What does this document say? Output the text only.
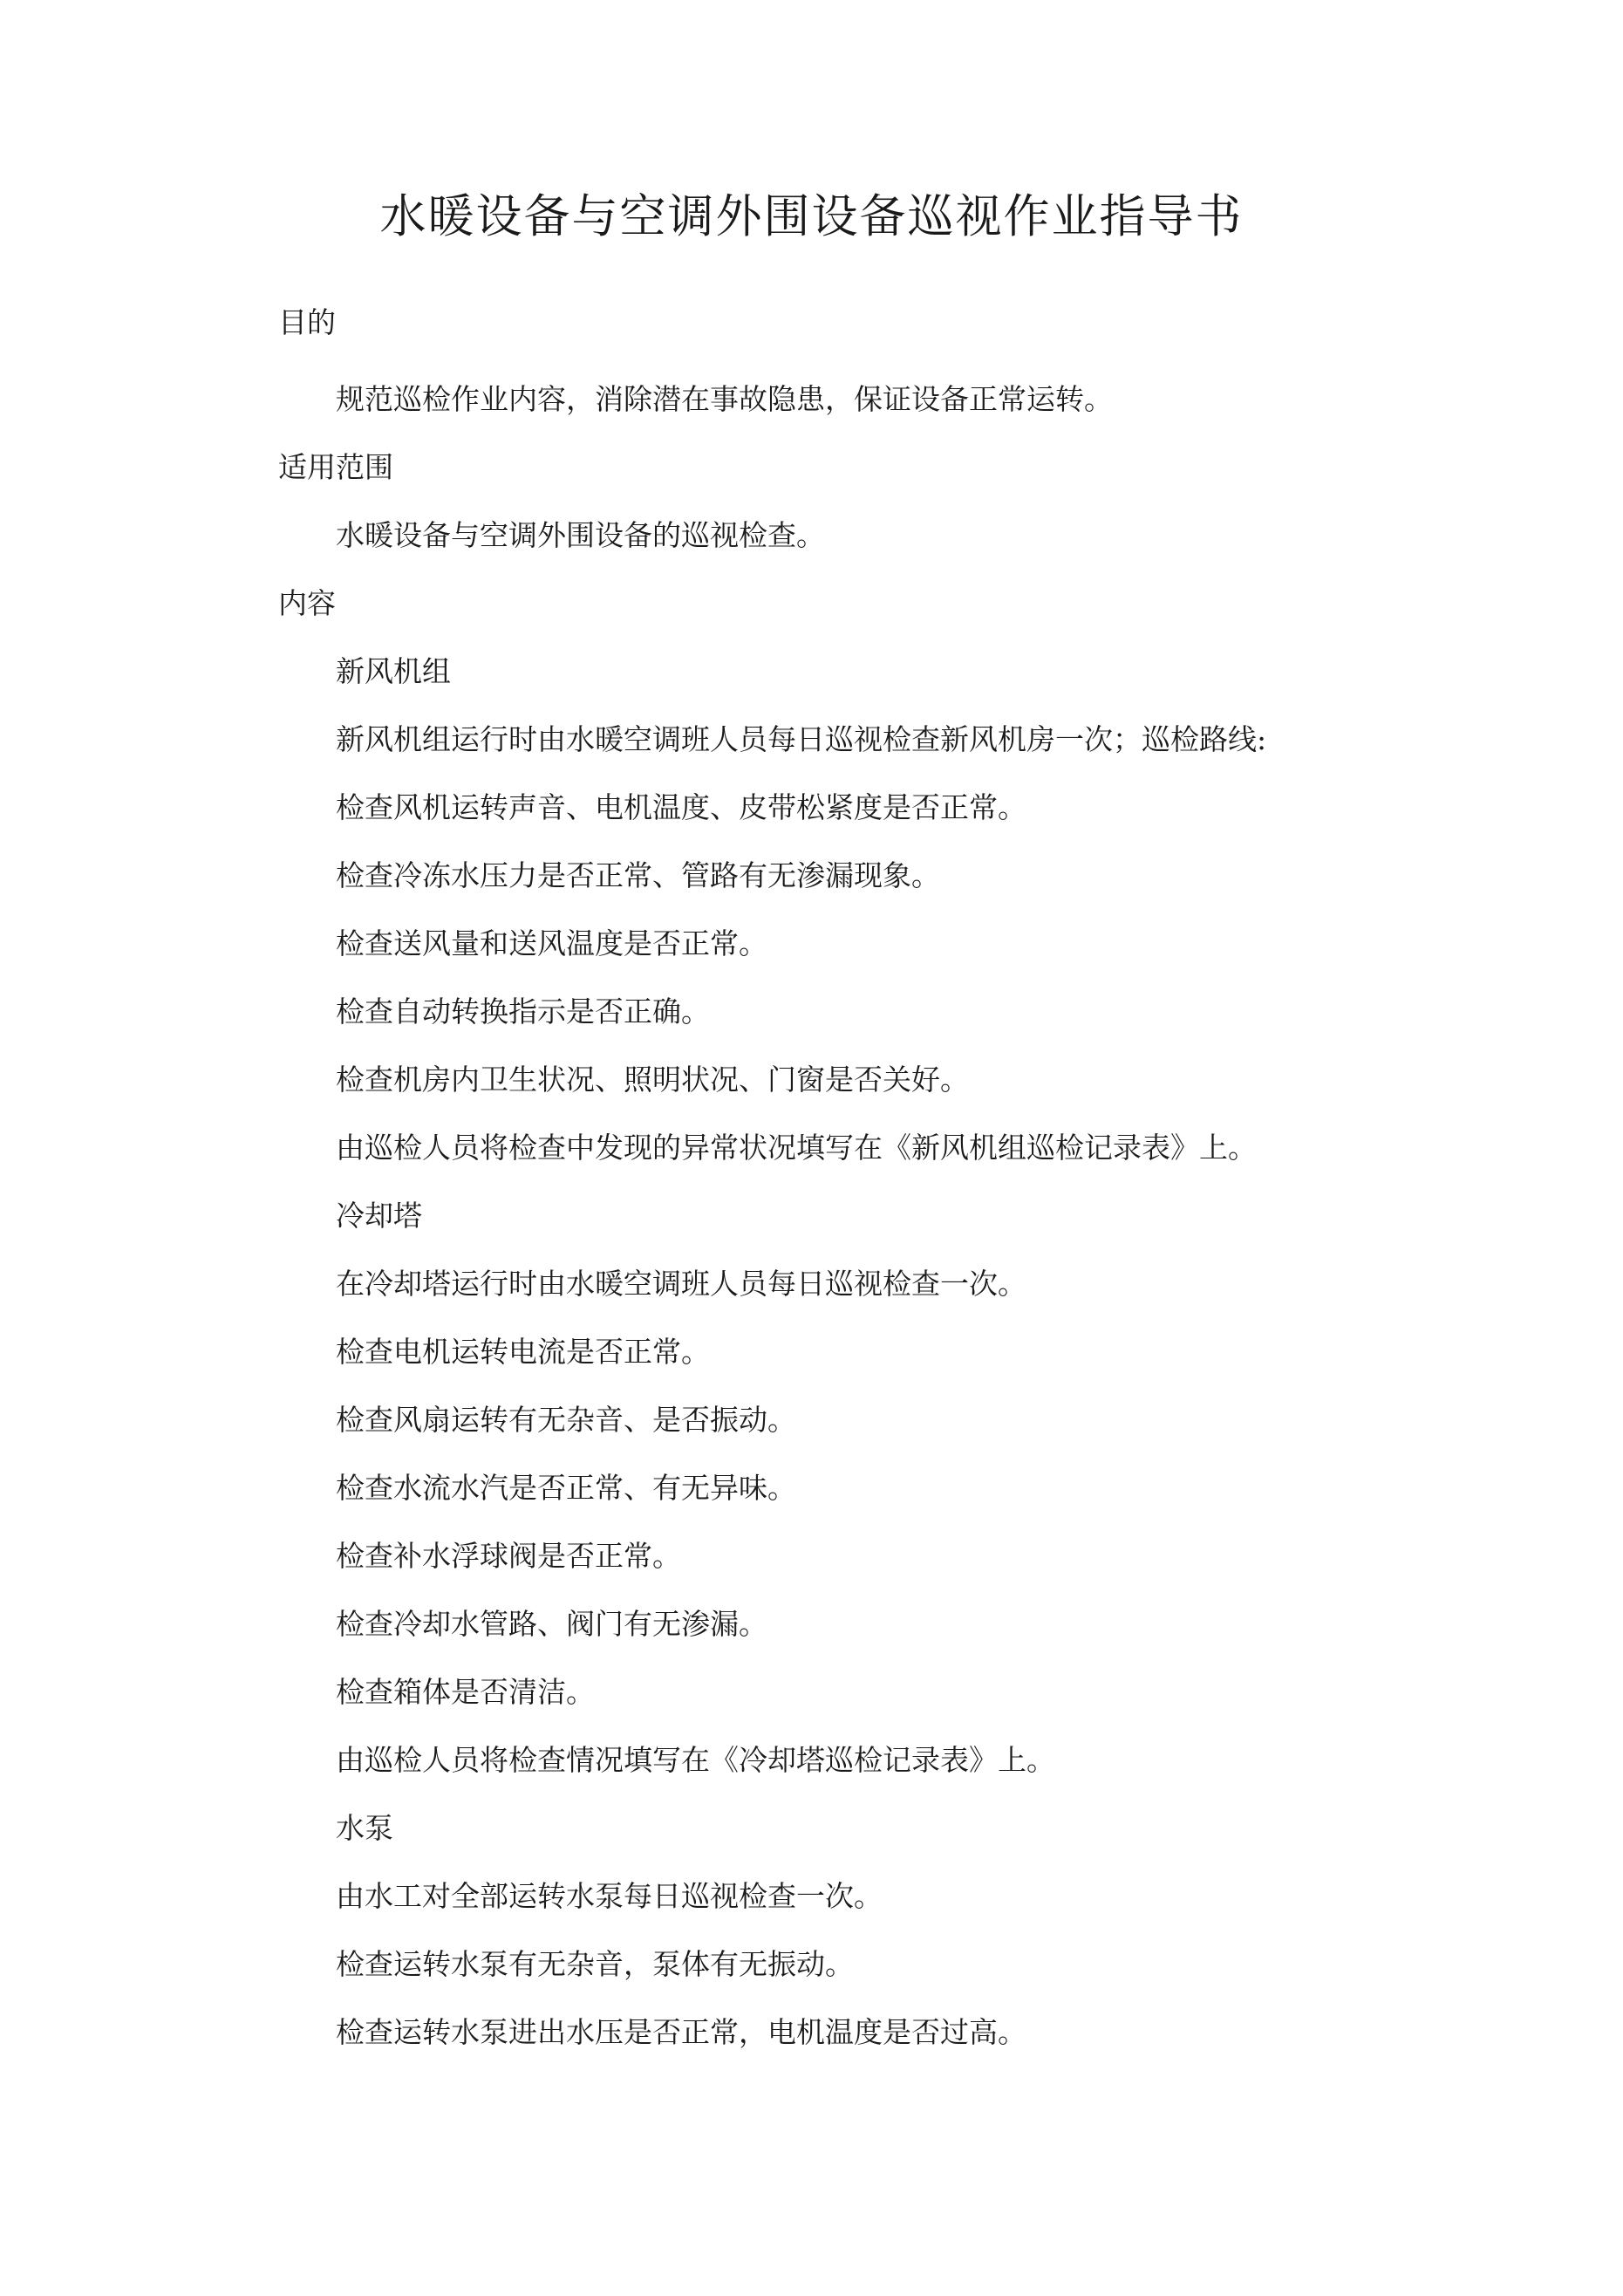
水暖设备与空调外围设备巡视作业指导书

目的

规范巡检作业内容，消除潜在事故隐患，保证设备正常运转。

适用范围

水暖设备与空调外围设备的巡视检查。

内容

新风机组

新风机组运行时由水暖空调班人员每日巡视检查新风机房一次；巡检路线:

检查风机运转声音、电机温度、皮带松紧度是否正常。

检查冷冻水压力是否正常、管路有无渗漏现象。

检查送风量和送风温度是否正常。

检查自动转换指示是否正确。

检查机房内卫生状况、照明状况、门窗是否关好。

由巡检人员将检查中发现的异常状况填写在《新风机组巡检记录表》上。

冷却塔

在冷却塔运行时由水暖空调班人员每日巡视检查一次。

检查电机运转电流是否正常。

检查风扇运转有无杂音、是否振动。

检查水流水汽是否正常、有无异味。

检查补水浮球阀是否正常。

检查冷却水管路、阀门有无渗漏。

检查箱体是否清洁。

由巡检人员将检查情况填写在《冷却塔巡检记录表》上。

水泵

由水工对全部运转水泵每日巡视检查一次。

检查运转水泵有无杂音，泵体有无振动。

检查运转水泵进出水压是否正常，电机温度是否过高。
